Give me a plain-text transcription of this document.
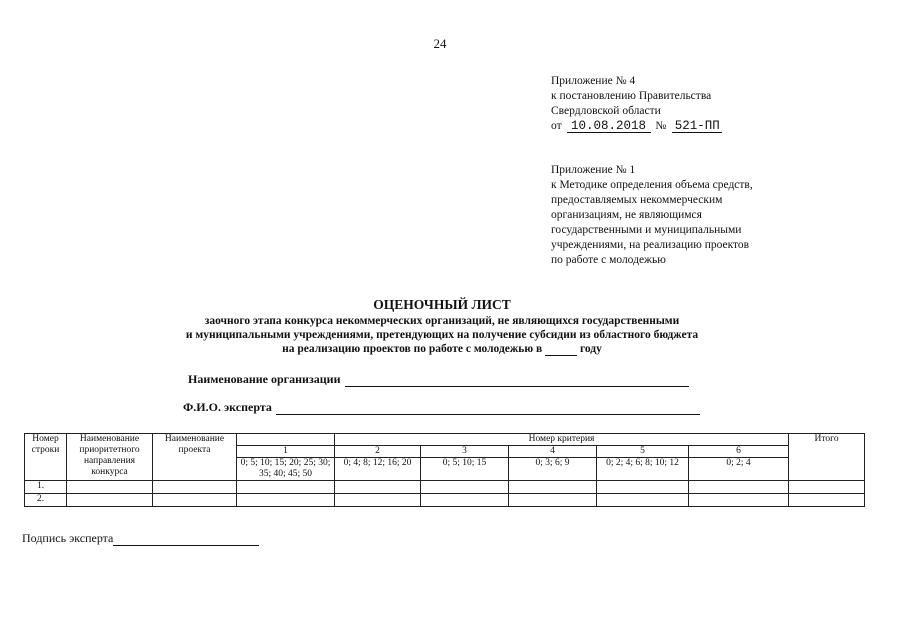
24
Приложение № 4
к постановлению Правительства
Свердловской области
от 10.08.2018 № 521-ПП
Приложение № 1
к Методике определения объема средств,
предоставляемых некоммерческим
организациям, не являющимся
государственными и муниципальными
учреждениями, на реализацию проектов
по работе с молодежью
ОЦЕНОЧНЫЙ ЛИСТ
заочного этапа конкурса некоммерческих организаций, не являющихся государственными
и муниципальными учреждениями, претендующих на получение субсидии из областного бюджета
на реализацию проектов по работе с молодежью в	году
Наименование организации
Ф.И.О. эксперта
Номер строки	Наименование приоритетного направления конкурса	Наименование проекта		Номер критерия					Итого
			1	2	3	4	5	6	
			0; 5; 10; 15; 20; 25; 30; 35; 40; 45; 50	0; 4; 8; 12; 16; 20	0; 5; 10; 15	0; 3; 6; 9	0; 2; 4; 6; 8; 10; 12	0; 2; 4	
1.									
2.									
Подпись эксперта
